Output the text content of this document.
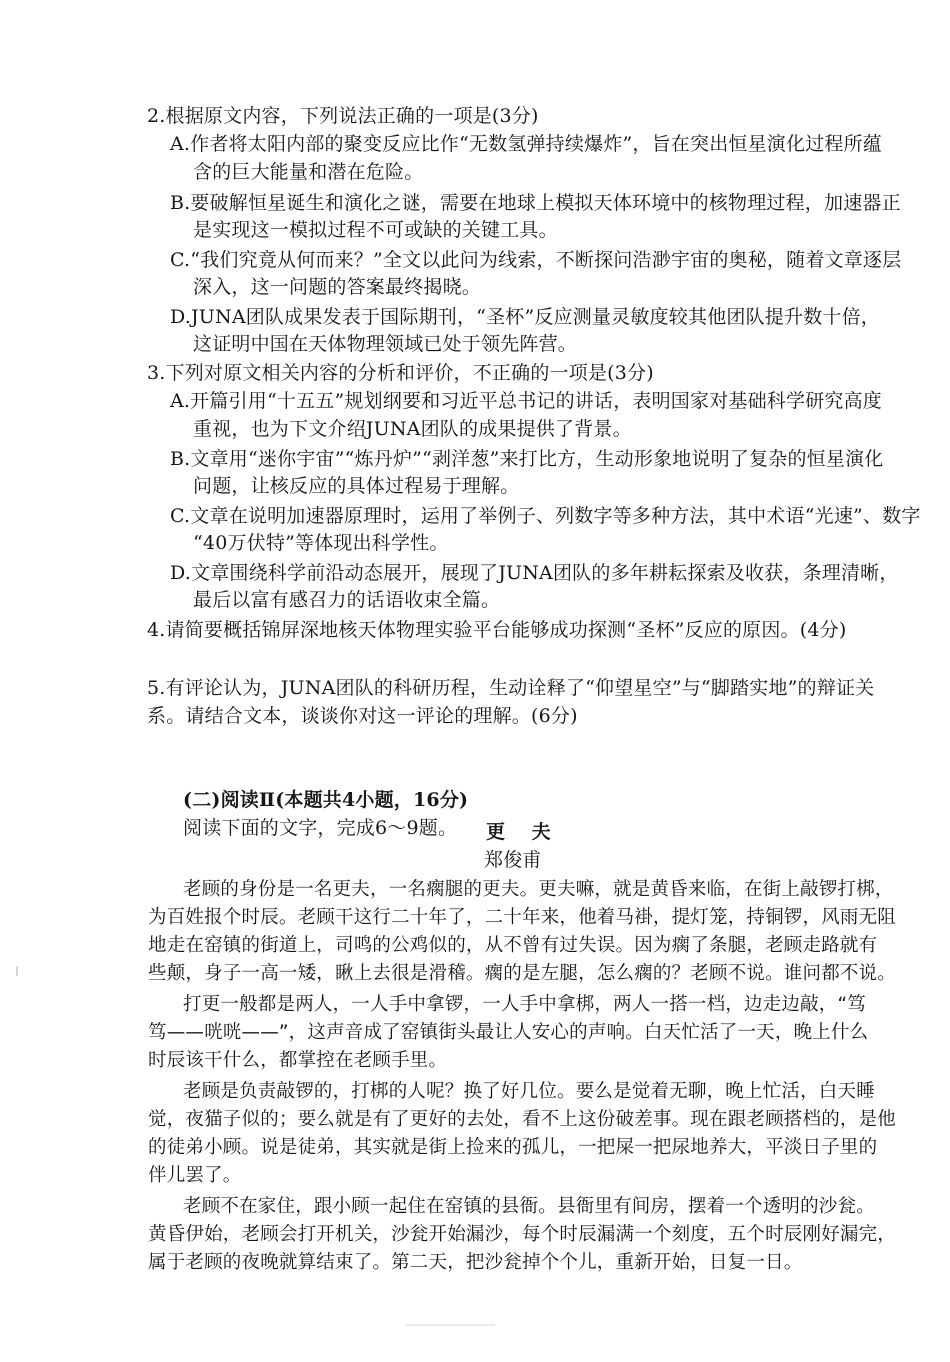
2.根据原文内容，下列说法正确的一项是(3分)
A.作者将太阳内部的聚变反应比作“无数氢弹持续爆炸”，旨在突出恒星演化过程所蕴
含的巨大能量和潜在危险。
B.要破解恒星诞生和演化之谜，需要在地球上模拟天体环境中的核物理过程，加速器正
是实现这一模拟过程不可或缺的关键工具。
C.“我们究竟从何而来？”全文以此问为线索，不断探问浩渺宇宙的奥秘，随着文章逐层
深入，这一问题的答案最终揭晓。
D.JUNA团队成果发表于国际期刊，“圣杯”反应测量灵敏度较其他团队提升数十倍，
这证明中国在天体物理领域已处于领先阵营。
3.下列对原文相关内容的分析和评价，不正确的一项是(3分)
A.开篇引用“十五五”规划纲要和习近平总书记的讲话，表明国家对基础科学研究高度
重视，也为下文介绍JUNA团队的成果提供了背景。
B.文章用“迷你宇宙”“炼丹炉”“剥洋葱”来打比方，生动形象地说明了复杂的恒星演化
问题，让核反应的具体过程易于理解。
C.文章在说明加速器原理时，运用了举例子、列数字等多种方法，其中术语“光速”、数字
“40万伏特”等体现出科学性。
D.文章围绕科学前沿动态展开，展现了JUNA团队的多年耕耘探索及收获，条理清晰，
最后以富有感召力的话语收束全篇。
4.请简要概括锦屏深地核天体物理实验平台能够成功探测“圣杯”反应的原因。(4分)
5.有评论认为，JUNA团队的科研历程，生动诠释了“仰望星空”与“脚踏实地”的辩证关
系。请结合文本，谈谈你对这一评论的理解。(6分)
(二)阅读Ⅱ(本题共4小题，16分)
阅读下面的文字，完成6～9题。 更 夫
郑俊甫
老顾的身份是一名更夫，一名瘸腿的更夫。更夫嘛，就是黄昏来临，在街上敲锣打梆，
为百姓报个时辰。老顾干这行二十年了，二十年来，他着马褂，提灯笼，持铜锣，风雨无阻
地走在窑镇的街道上，司鸣的公鸡似的，从不曾有过失误。因为瘸了条腿，老顾走路就有
些颠，身子一高一矮，瞅上去很是滑稽。瘸的是左腿，怎么瘸的？老顾不说。谁问都不说。
打更一般都是两人，一人手中拿锣，一人手中拿梆，两人一搭一档，边走边敲，“笃
笃——咣咣——”，这声音成了窑镇街头最让人安心的声响。白天忙活了一天，晚上什么
时辰该干什么，都掌控在老顾手里。
老顾是负责敲锣的，打梆的人呢？换了好几位。要么是觉着无聊，晚上忙活，白天睡
觉，夜猫子似的；要么就是有了更好的去处，看不上这份破差事。现在跟老顾搭档的，是他
的徒弟小顾。说是徒弟，其实就是街上捡来的孤儿，一把屎一把尿地养大，平淡日子里的
伴儿罢了。
老顾不在家住，跟小顾一起住在窑镇的县衙。县衙里有间房，摆着一个透明的沙瓮。
黄昏伊始，老顾会打开机关，沙瓮开始漏沙，每个时辰漏满一个刻度，五个时辰刚好漏完，
属于老顾的夜晚就算结束了。第二天，把沙瓮掉个个儿，重新开始，日复一日。
